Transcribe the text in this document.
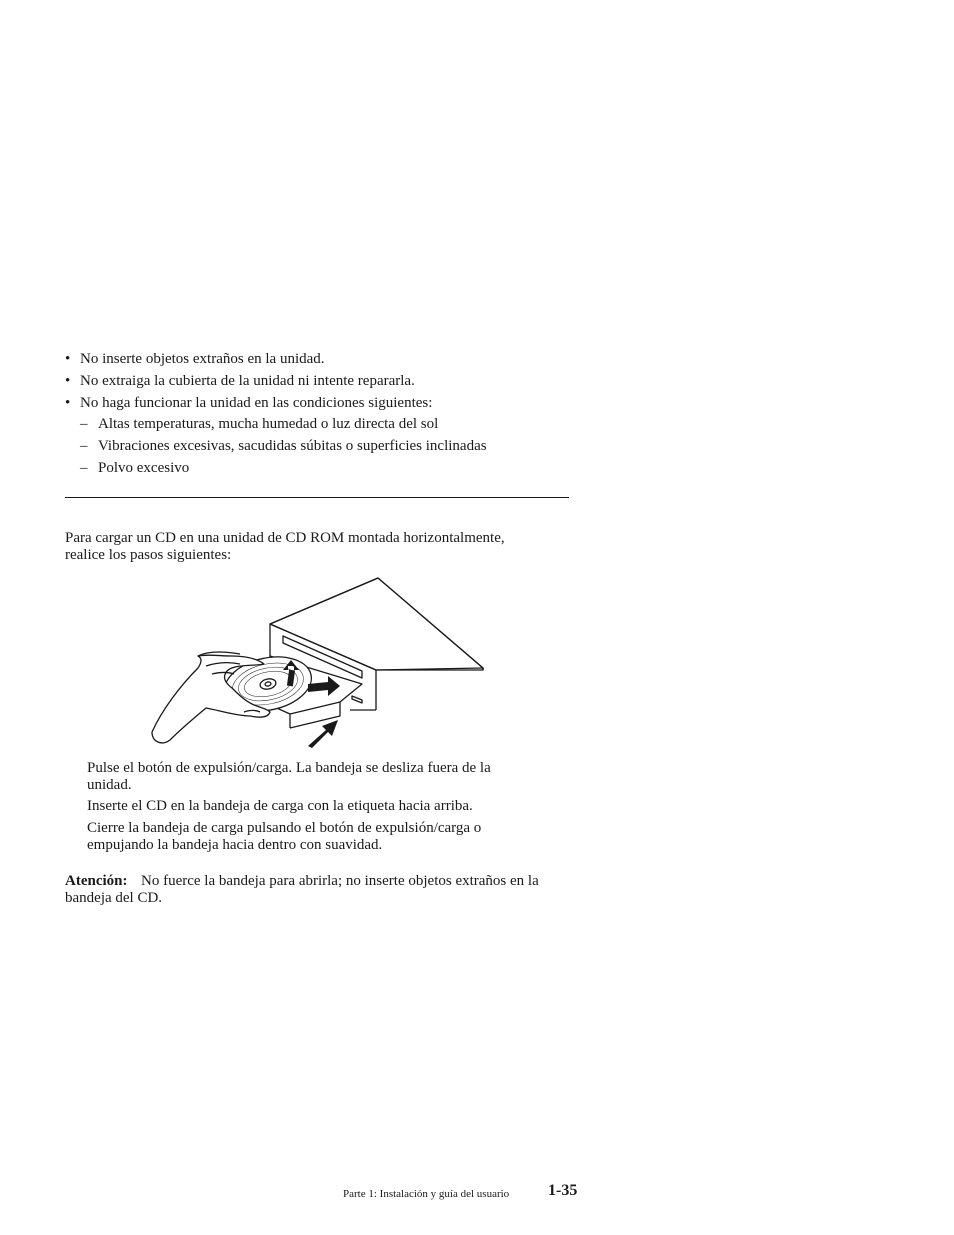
• No inserte objetos extraños en la unidad.
• No extraiga la cubierta de la unidad ni intente repararla.
• No haga funcionar la unidad en las condiciones siguientes:
– Altas temperaturas, mucha humedad o luz directa del sol
– Vibraciones excesivas, sacudidas súbitas o superficies inclinadas
– Polvo excesivo
Para cargar un CD en una unidad de CD ROM montada horizontalmente,
realice los pasos siguientes:
Pulse el botón de expulsión/carga. La bandeja se desliza fuera de la
unidad.
Inserte el CD en la bandeja de carga con la etiqueta hacia arriba.
Cierre la bandeja de carga pulsando el botón de expulsión/carga o
empujando la bandeja hacia dentro con suavidad.
Atención: No fuerce la bandeja para abrirla; no inserte objetos extraños en la
bandeja del CD.
Parte 1: Instalación y guía del usuario 1-35
